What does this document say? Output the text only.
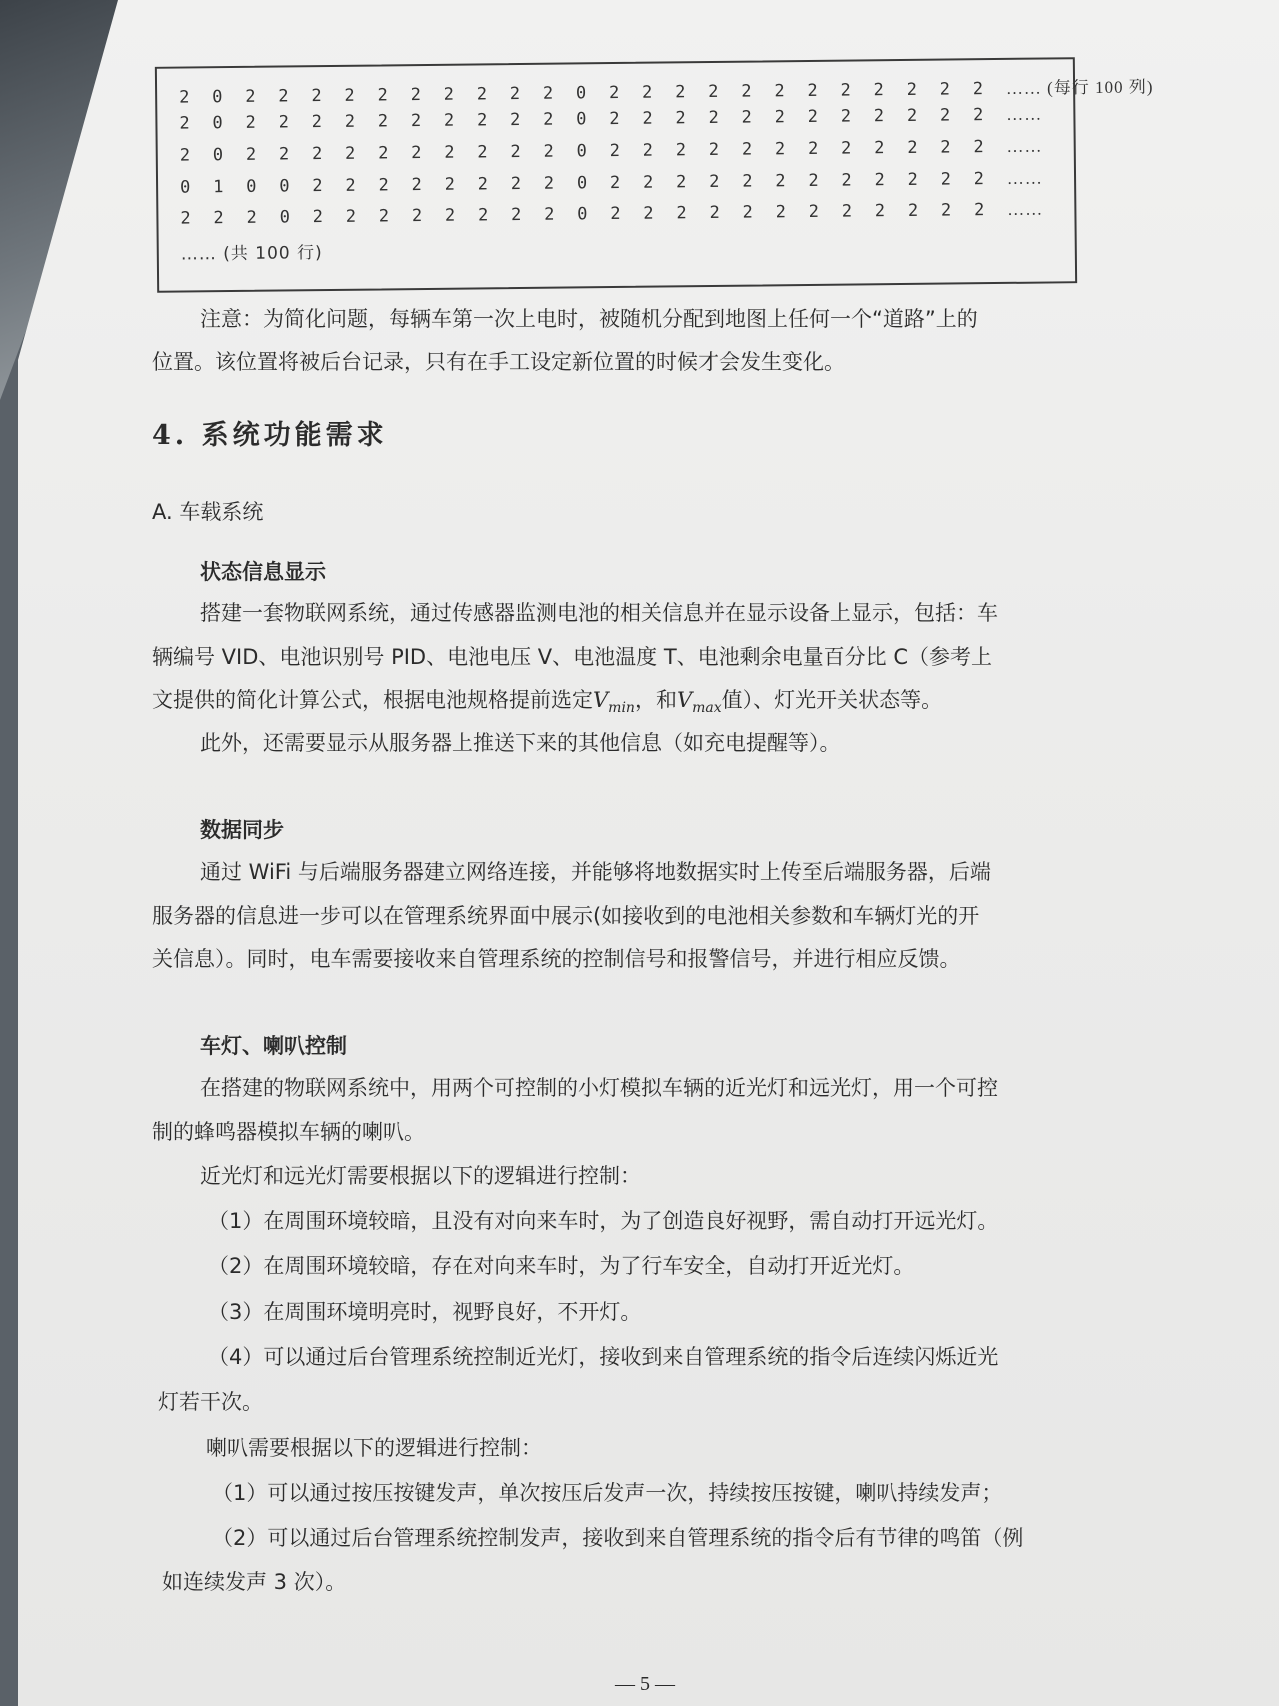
2 0 2 2 2 2 2 2 2 2 2 2 0 2 2 2 2 2 2 2 2 2 2 2 2 …… (每行 100 列)
2 0 2 2 2 2 2 2 2 2 2 2 0 2 2 2 2 2 2 2 2 2 2 2 2 ……
2 0 2 2 2 2 2 2 2 2 2 2 0 2 2 2 2 2 2 2 2 2 2 2 2 ……
0 1 0 0 2 2 2 2 2 2 2 2 0 2 2 2 2 2 2 2 2 2 2 2 2 ……
2 2 2 0 2 2 2 2 2 2 2 2 0 2 2 2 2 2 2 2 2 2 2 2 2 ……
…… (共 100 行)
注意：为简化问题，每辆车第一次上电时，被随机分配到地图上任何一个“道路”上的
位置。该位置将被后台记录，只有在手工设定新位置的时候才会发生变化。
4. 系统功能需求
A. 车载系统
状态信息显示
搭建一套物联网系统，通过传感器监测电池的相关信息并在显示设备上显示，包括：车
辆编号 VID、电池识别号 PID、电池电压 V、电池温度 T、电池剩余电量百分比 C（参考上
文提供的简化计算公式，根据电池规格提前选定$V_{min}$，和$V_{max}$值）、灯光开关状态等。
此外，还需要显示从服务器上推送下来的其他信息（如充电提醒等）。
数据同步
通过 WiFi 与后端服务器建立网络连接，并能够将地数据实时上传至后端服务器，后端
服务器的信息进一步可以在管理系统界面中展示(如接收到的电池相关参数和车辆灯光的开
关信息）。同时，电车需要接收来自管理系统的控制信号和报警信号，并进行相应反馈。
车灯、喇叭控制
在搭建的物联网系统中，用两个可控制的小灯模拟车辆的近光灯和远光灯，用一个可控
制的蜂鸣器模拟车辆的喇叭。
近光灯和远光灯需要根据以下的逻辑进行控制：
（1）在周围环境较暗，且没有对向来车时，为了创造良好视野，需自动打开远光灯。
（2）在周围环境较暗，存在对向来车时，为了行车安全，自动打开近光灯。
（3）在周围环境明亮时，视野良好，不开灯。
（4）可以通过后台管理系统控制近光灯，接收到来自管理系统的指令后连续闪烁近光
灯若干次。
喇叭需要根据以下的逻辑进行控制：
（1）可以通过按压按键发声，单次按压后发声一次，持续按压按键，喇叭持续发声；
（2）可以通过后台管理系统控制发声，接收到来自管理系统的指令后有节律的鸣笛（例
如连续发声 3 次）。
— 5 —
